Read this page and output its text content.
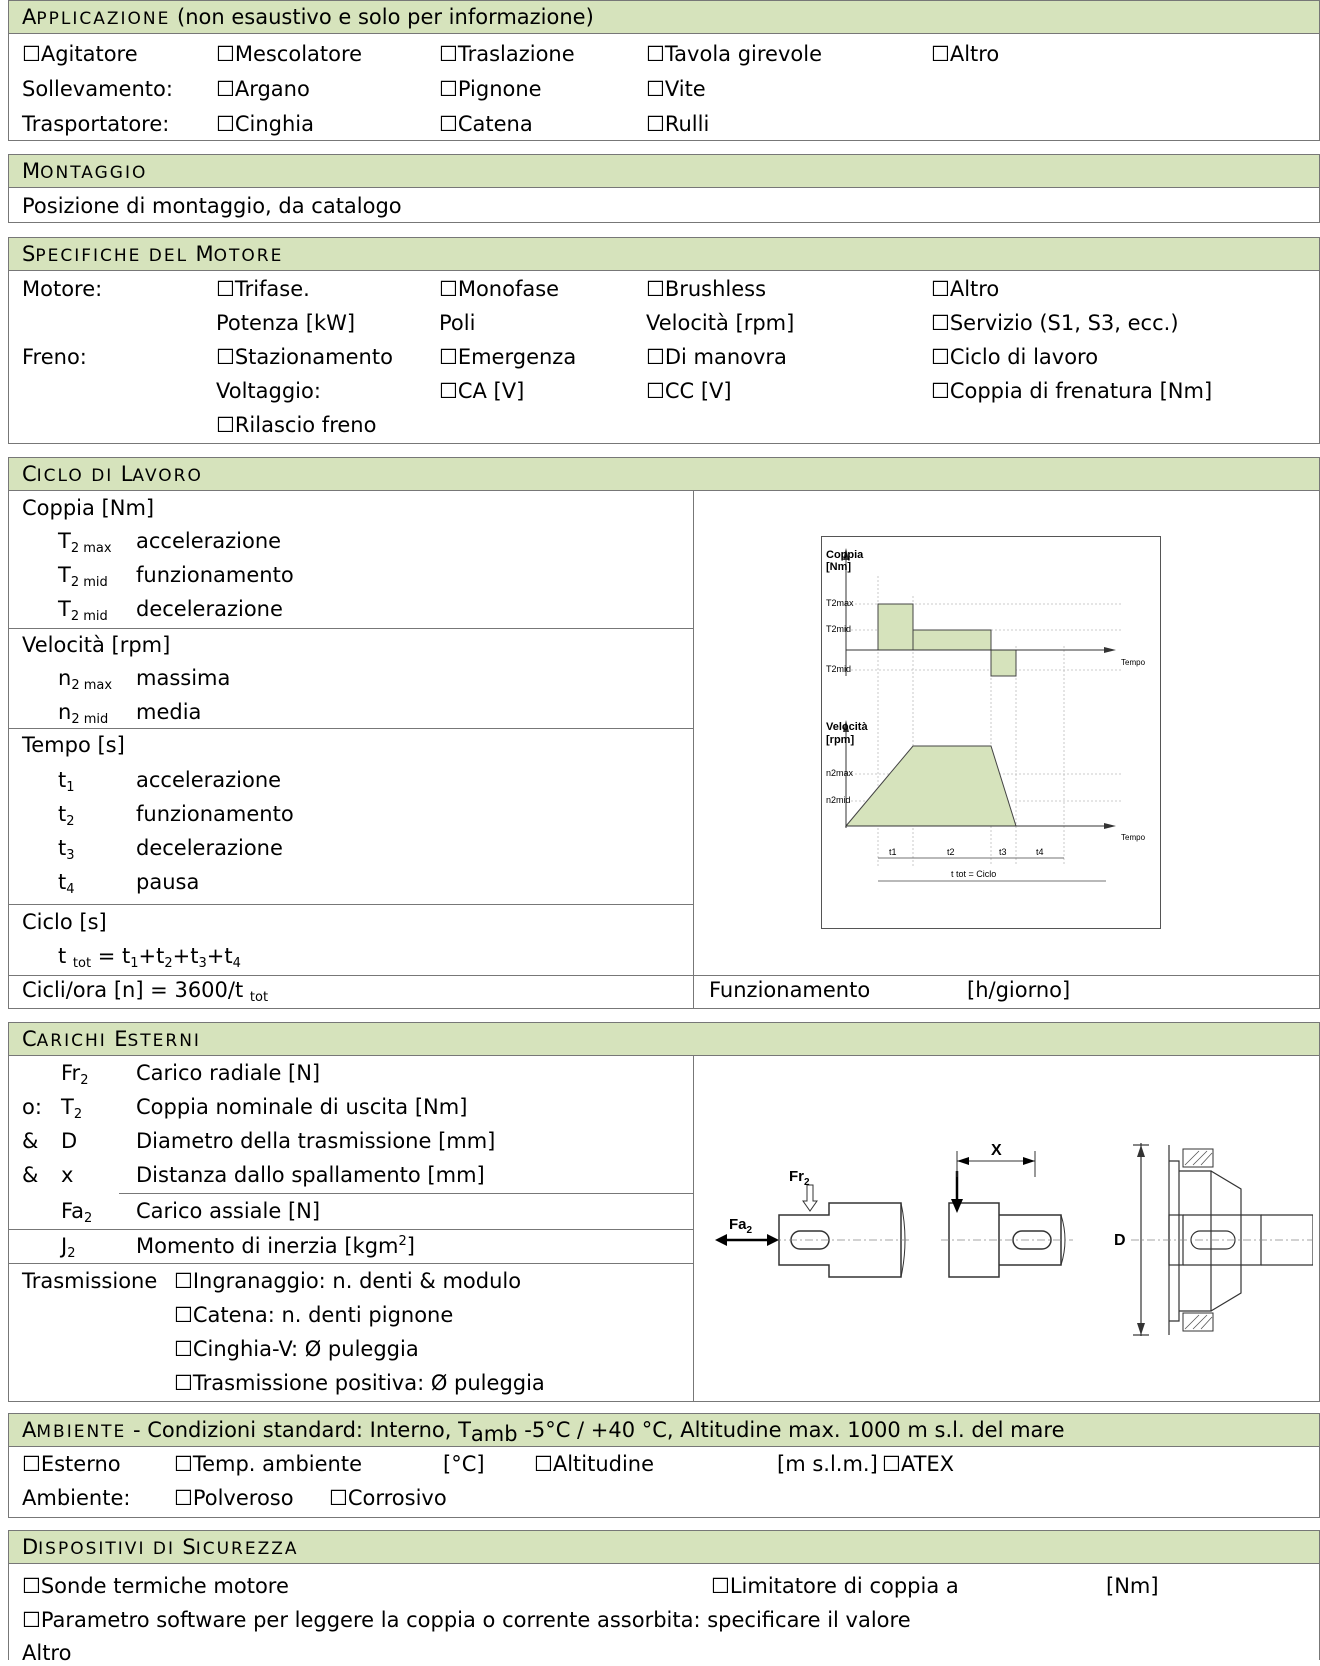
APPLICAZIONE (non esaustivo e solo per informazione)
☐Agitatore	☐Mescolatore	☐Traslazione	☐Tavola girevole	☐Altro
Sollevamento: ☐Argano	☐Pignone	☐Vite
Trasportatore: ☐Cinghia	☐Catena	☐Rulli
MONTAGGIO
Posizione di montaggio, da catalogo
SPECIFICHE DEL MOTORE
Motore:	☐Trifase.	☐Monofase	☐Brushless	☐Altro
Potenza [kW]	Poli	Velocità [rpm]	☐Servizio (S1, S3, ecc.)
Freno:	☐Stazionamento ☐Emergenza	☐Di manovra	☐Ciclo di lavoro
Voltaggio:	☐CA [V]	☐CC [V]	☐Coppia di frenatura [Nm]
☐Rilascio freno
CICLO DI LAVORO
Coppia [Nm]
$T_{2 max}$ accelerazione
$T_{2 mid}$ funzionamento
$T_{2 mid}$ decelerazione
Velocità [rpm]
$n_{2 max}$ massima
$n_{2 mid}$ media
Tempo [s]
$t_1$	accelerazione
$t_2$	funzionamento
$t_3$	decelerazione
$t_4$	pausa
Ciclo [s]
t $_{tot} = t_1+t_2+t_3+t_4$
Cicli/ora [n] = 3600/t $_{tot}$	Funzionamento	[h/giorno]
Coppia
[Nm]
T2max
T2mid
T2mid
Tempo
Velocità
[rpm]
n2max
n2mid
Tempo
t1	t2	t3	t4
t tot = Ciclo
CARICHI ESTERNI
$Fr_2$ Carico radiale [N]
o: $T_2$	Coppia nominale di uscita [Nm]
& D	Diametro della trasmissione [mm]
& x	Distanza dallo spallamento [mm]
$Fa_2$ Carico assiale [N]
$J_2$	Momento di inerzia [kgm$^2$]
Trasmissione ☐Ingranaggio: n. denti & modulo
☐Catena: n. denti pignone
☐Cinghia-V: Ø puleggia
☐Trasmissione positiva: Ø puleggia
$Fa_2$
$Fr_2$
X
D
AMBIENTE - Condizioni standard: Interno, $T_{amb}$ -5°C / +40 °C, Altitudine max. 1000 m s.l. del mare
☐Esterno	☐Temp. ambiente	[°C] ☐Altitudine	[m s.l.m.] ☐ATEX
Ambiente: ☐Polveroso ☐Corrosivo
DISPOSITIVI DI SICUREZZA
☐Sonde termiche motore	☐Limitatore di coppia a	[Nm]
☐Parametro software per leggere la coppia o corrente assorbita: specificare il valore
Altro
